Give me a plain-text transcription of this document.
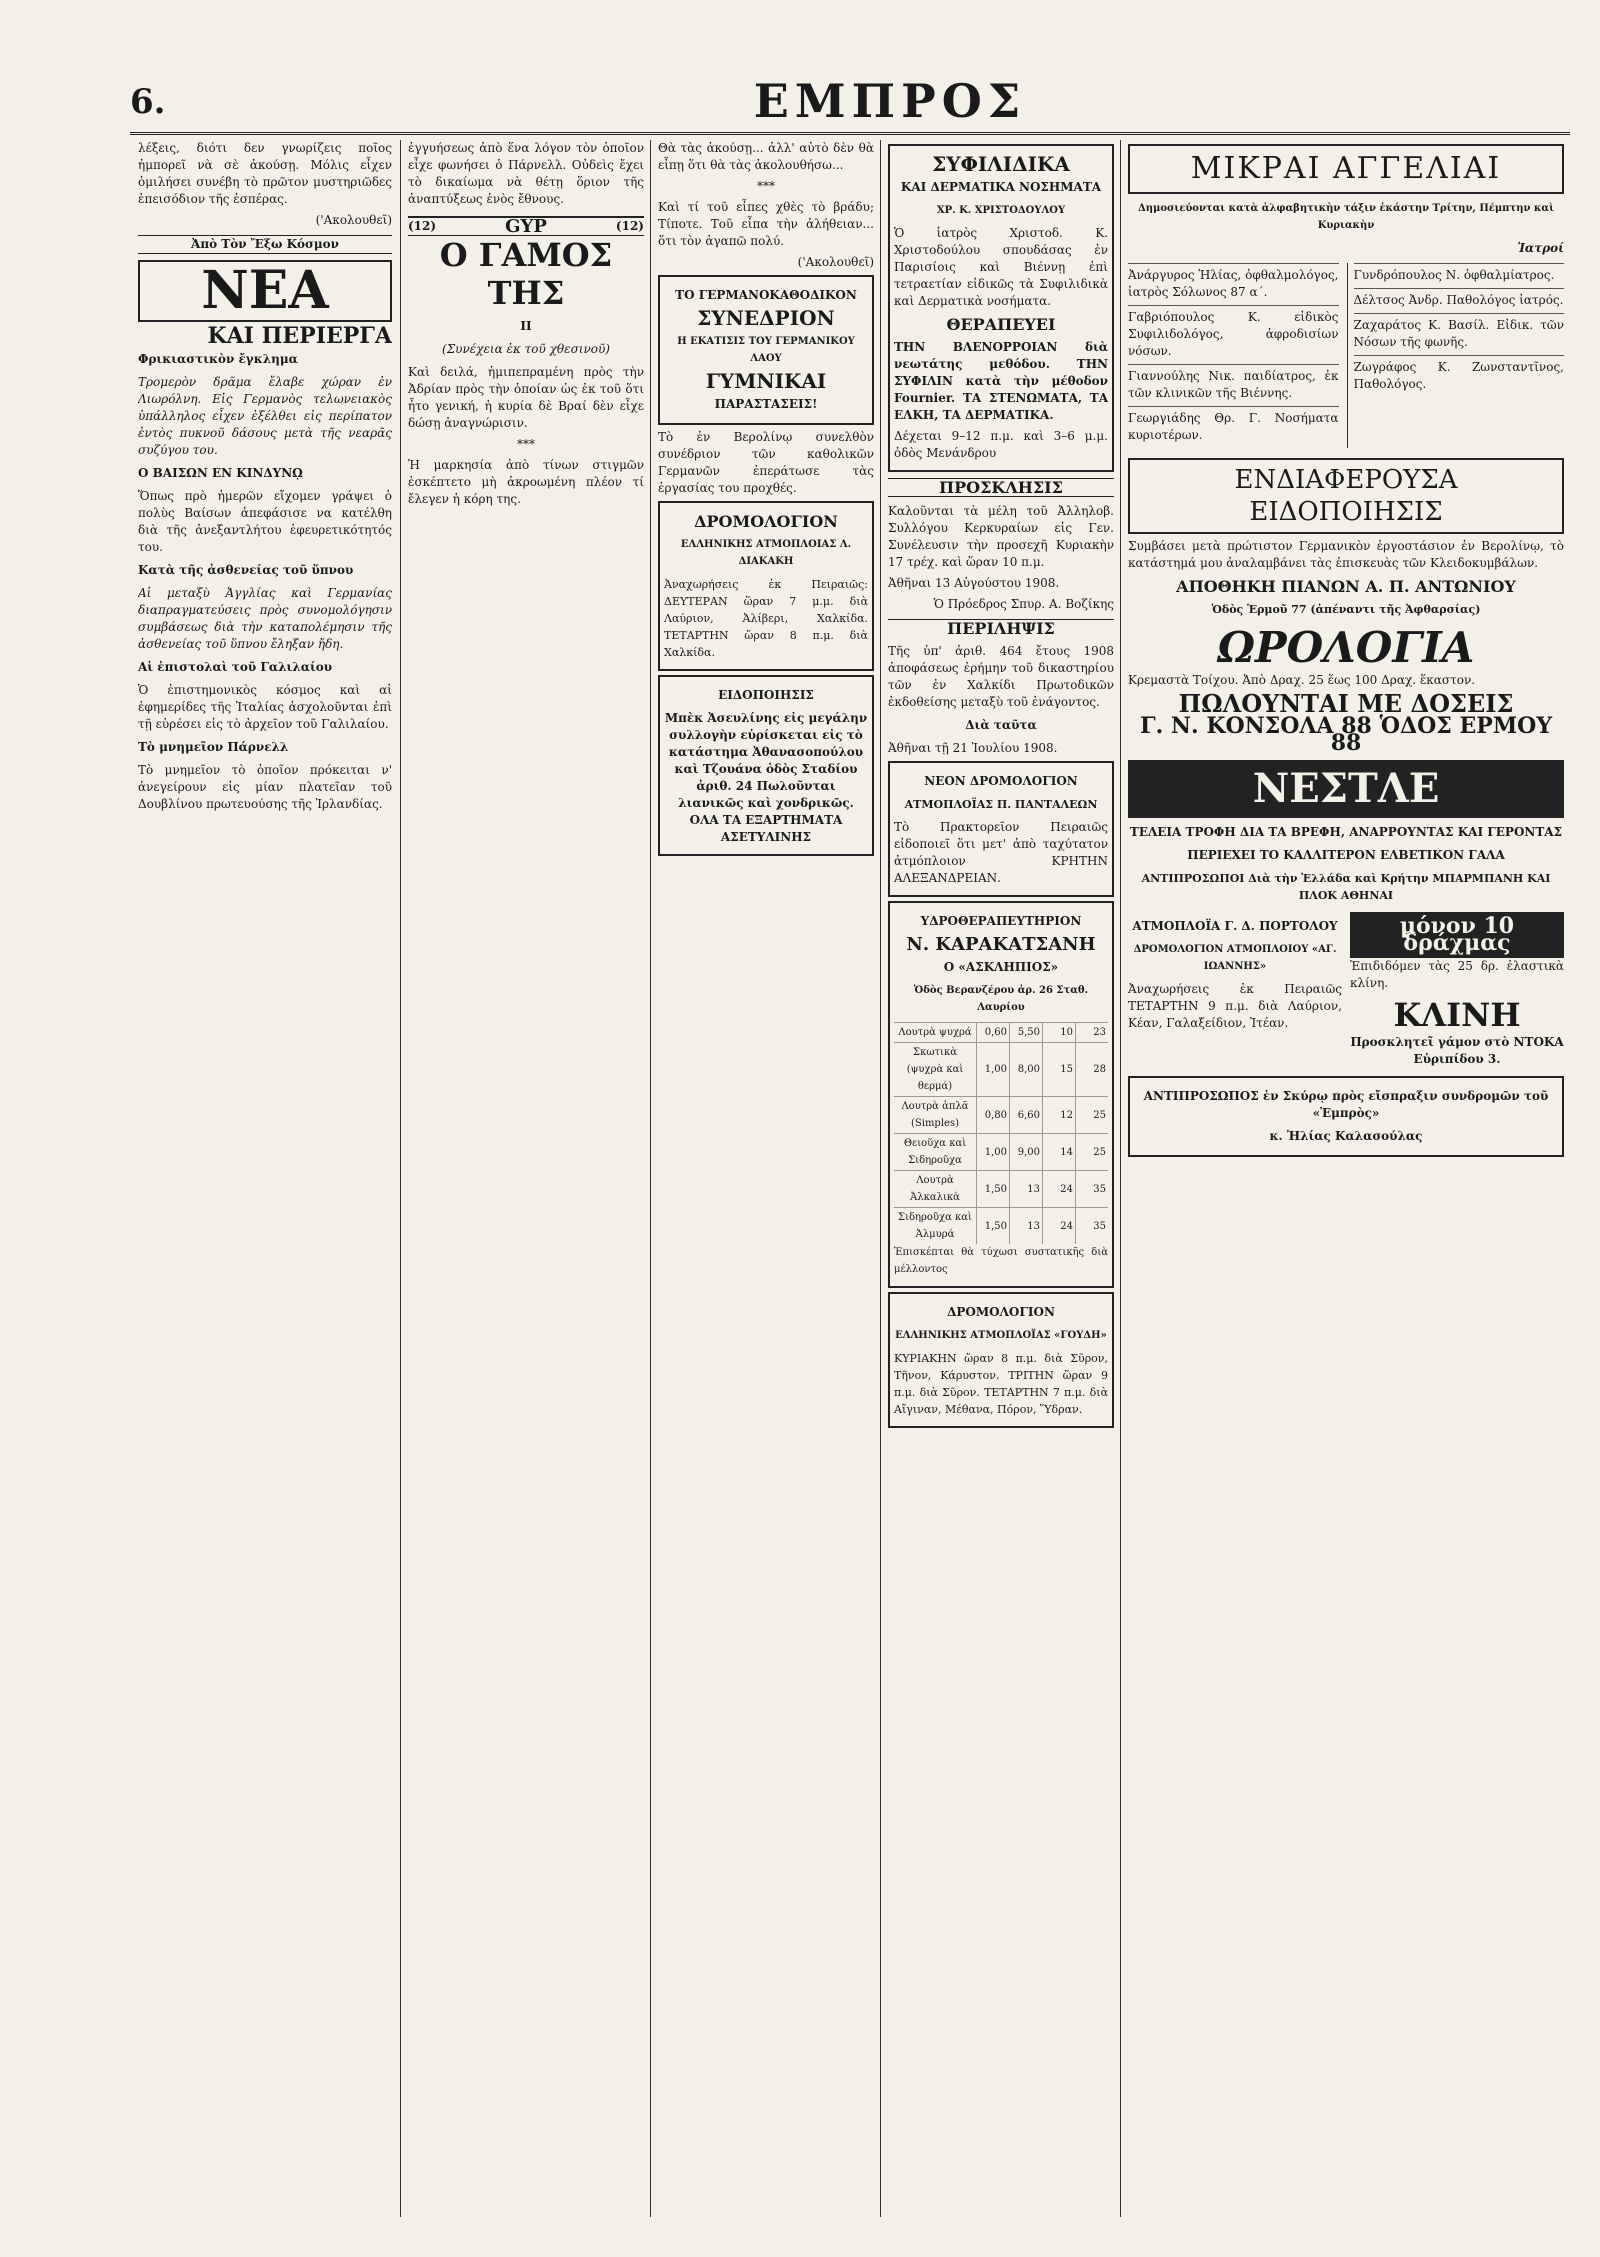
6.	ΕΜΠΡΟΣ

λέξεις, διότι δεν γνωρίζεις ποῖος ἠμπορεῖ νὰ σὲ ἀκούσῃ. Μόλις εἶχεν ὁμιλήσει συνέβη τὸ πρῶτον μυστηριῶδες ἐπεισόδιον τῆς ἑσπέρας.

('Ακολουθεῖ)

Ἀπὸ Τὸν Ἔξω Κόσμον
ΝΕΑ
ΚΑΙ ΠΕΡΙΕΡΓΑ
Φρικιαστικὸν ἔγκλημα

Τρομερὸν δρᾶμα ἔλαβε χώραν ἐν Λιωρόλνη. Εἰς Γερμανὸς τελωνειακὸς ὑπάλληλος εἶχεν ἐξέλθει εἰς περίπατον ἐντὸς πυκνοῦ δάσους μετὰ τῆς νεαρᾶς συζύγου του.

Ο ΒΑΙΣΩΝ ΕΝ ΚΙΝΔΥΝῼ

Ὅπως πρὸ ἡμερῶν εἴχομεν γράψει ὁ πολὺς Βαίσων ἀπεφάσισε να κατέλθη διὰ τῆς ἀνεξαντλήτου ἐφευρετικότητός του.

Κατὰ τῆς ἀσθενείας τοῦ ὕπνου

Αἱ μεταξὺ Ἀγγλίας καὶ Γερμανίας διαπραγματεύσεις πρὸς συνομολόγησιν συμβάσεως διὰ τὴν καταπολέμησιν τῆς ἀσθενείας τοῦ ὕπνου ἔληξαν ἤδη.

Αἱ ἐπιστολαὶ τοῦ Γαλιλαίου

Ὁ ἐπιστημονικὸς κόσμος καὶ αἱ ἐφημερίδες τῆς Ἰταλίας ἀσχολοῦνται ἐπὶ τῇ εὑρέσει εἰς τὸ ἀρχεῖον τοῦ Γαλιλαίου.

Τὸ μνημεῖον Πάρνελλ

Τὸ μνημεῖον τὸ ὁποῖον πρόκειται ν' ἀνεγείρουν εἰς μίαν πλατεῖαν τοῦ Δουβλίνου πρωτευούσης τῆς Ἰρλανδίας.

ἐγγυήσεως ἀπὸ ἕνα λόγον τὸν ὁποῖον εἶχε φωνήσει ὁ Πάρνελλ. Οὐδεὶς ἔχει τὸ δικαίωμα νὰ θέτῃ ὅριον τῆς ἀναπτύξεως ἑνὸς ἔθνους.

(12)	GYP	(12)
Ο ΓΑΜΟΣ ΤΗΣ
II
(Συνέχεια ἐκ τοῦ χθεσινοῦ)

Καὶ δειλά, ἡμιπεπραμένη πρὸς τὴν Ἀδρίαν πρὸς τὴν ὁποίαν ὡς ἐκ τοῦ ὅτι ἦτο γενική, ἡ κυρία δὲ Βραί δὲν εἶχε δώσῃ ἀναγνώρισιν.

***

Ἡ μαρκησία ἀπὸ τίνων στιγμῶν ἐσκέπτετο μὴ ἀκροωμένη πλέον τί ἔλεγεν ἡ κόρη της.

Θὰ τὰς ἀκούσῃ... ἀλλ' αὐτὸ δὲν θὰ εἶπῃ ὅτι θὰ τὰς ἀκολουθήσω...

***

Καὶ τί τοῦ εἶπες χθὲς τὸ βράδυ; Τίποτε. Τοῦ εἶπα τὴν ἀλήθειαν... ὅτι τὸν ἀγαπῶ πολύ.

('Ακολουθεῖ)

ΤΟ ΓΕΡΜΑΝΟΚΑΘΟΔΙΚΟΝ
ΣΥΝΕΔΡΙΟΝ
Η ΕΚΑΤΙΣΙΣ ΤΟΥ ΓΕΡΜΑΝΙΚΟΥ ΛΑΟΥ
ΓΥΜΝΙΚΑΙ
ΠΑΡΑΣΤΑΣΕΙΣ!

Τὸ ἐν Βερολίνῳ συνελθὸν συνέδριον τῶν καθολικῶν Γερμανῶν ἐπεράτωσε τὰς ἐργασίας του προχθές.

ΔΡΟΜΟΛΟΓΙΟΝ
ΕΛΛΗΝΙΚΗΣ ΑΤΜΟΠΛΟΙΑΣ Λ. ΔΙΑΚΑΚΗ

Ἀναχωρήσεις ἐκ Πειραιῶς: ΔΕΥΤΕΡΑΝ ὥραν 7 μ.μ. διὰ Λαύριον, Ἀλίβερι, Χαλκίδα. ΤΕΤΑΡΤΗΝ ὥραν 8 π.μ. διὰ Χαλκίδα.

ΕΙΔΟΠΟΙΗΣΙΣ

Μπὲκ Ἀσευλίνης εἰς μεγάλην συλλογὴν εὑρίσκεται εἰς τὸ κατάστημα Ἀθανασοπούλου καὶ Τζουάνα ὁδὸς Σταδίου ἀριθ. 24 Πωλοῦνται λιανικῶς καὶ χονδρικῶς. ΟΛΑ ΤΑ ΕΞΑΡΤΗΜΑΤΑ ΑΣΕΤΥΛΙΝΗΣ

ΣΥΦΙΛΙΔΙΚΑ
ΚΑΙ ΔΕΡΜΑΤΙΚΑ ΝΟΣΗΜΑΤΑ
ΧΡ. Κ. ΧΡΙΣΤΟΔΟΥΛΟΥ

Ὁ ἰατρὸς Χριστοδ. Κ. Χριστοδούλου σπουδάσας ἐν Παρισίοις καὶ Βιέννῃ ἐπὶ τετραετίαν εἰδικῶς τὰ Συφιλιδικὰ καὶ Δερματικὰ νοσήματα.

ΘΕΡΑΠΕΥΕΙ

ΤΗΝ ΒΛΕΝΟΡΡΟΙΑΝ διὰ νεωτάτης μεθόδου. ΤΗΝ ΣΥΦΙΛΙΝ κατὰ τὴν μέθοδον Fournier. ΤΑ ΣΤΕΝΩΜΑΤΑ, ΤΑ ΕΛΚΗ, ΤΑ ΔΕΡΜΑΤΙΚΑ.

Δέχεται 9–12 π.μ. καὶ 3–6 μ.μ. ὁδὸς Μενάνδρου

ΠΡΟΣΚΛΗΣΙΣ

Καλοῦνται τὰ μέλη τοῦ Ἀλληλοβ. Συλλόγου Κερκυραίων εἰς Γεν. Συνέλευσιν τὴν προσεχῆ Κυριακὴν 17 τρέχ. καὶ ὥραν 10 π.μ.

Ἀθῆναι 13 Αὐγούστου 1908.

Ὁ Πρόεδρος Σπυρ. Α. Βοζίκης

ΠΕΡΙΛΗΨΙΣ

Τῆς ὑπ' ἀριθ. 464 ἔτους 1908 ἀποφάσεως ἐρήμην τοῦ δικαστηρίου τῶν ἐν Χαλκίδι Πρωτοδικῶν ἐκδοθείσης μεταξὺ τοῦ ἐνάγοντος.

Διὰ ταῦτα

Ἀθῆναι τῇ 21 Ἰουλίου 1908.

ΝΕΟΝ ΔΡΟΜΟΛΟΓΙΟΝ
ΑΤΜΟΠΛΟΪΑΣ Π. ΠΑΝΤΑΛΕΩΝ

Τὸ Πρακτορεῖον Πειραιῶς εἰδοποιεῖ ὅτι μετ' ἀπὸ ταχύτατον ἀτμόπλοιον ΚΡΗΤΗΝ ΑΛΕΞΑΝΔΡΕΙΑΝ.

ΥΔΡΟΘΕΡΑΠΕΥΤΗΡΙΟΝ
Ν. ΚΑΡΑΚΑΤΣΑΝΗ
Ο «ΑΣΚΛΗΠΙΟΣ»
Ὁδὸς Βερανζέρου ἀρ. 26 Σταθ. Λαυρίου
Λουτρὰ ψυχρά	0,60	5,50	10	23
Σκωτικὰ (ψυχρὰ καὶ θερμά)	1,00	8,00	15	28
Λουτρὰ ἁπλᾶ (Simples)	0,80	6,60	12	25
Θειοῦχα καὶ Σιδηροῦχα	1,00	9,00	14	25
Λουτρὰ Ἀλκαλικὰ	1,50	13	24	35
Σιδηροῦχα καὶ Ἀλμυρά	1,50	13	24	35

Ἐπισκέπται θὰ τύχωσι συστατικῆς διὰ μέλλοντος

ΔΡΟΜΟΛΟΓΙΟΝ
ΕΛΛΗΝΙΚΗΣ ΑΤΜΟΠΛΟΪΑΣ «ΓΟΥΔΗ»

ΚΥΡΙΑΚΗΝ ὥραν 8 π.μ. διὰ Σῦρον, Τῆνον, Κάρυστον. ΤΡΙΤΗΝ ὥραν 9 π.μ. διὰ Σῦρον. ΤΕΤΑΡΤΗΝ 7 π.μ. διὰ Αἴγιναν, Μέθανα, Πόρον, Ὕδραν.

ΜΙΚΡΑΙ ΑΓΓΕΛΙΑΙ
Δημοσιεύονται κατὰ ἀλφαβητικὴν τάξιν ἑκάστην Τρίτην, Πέμπτην καὶ Κυριακὴν
Ἰατροί

Ἀνάργυρος Ἠλίας, ὀφθαλμολόγος, ἰατρὸς Σόλωνος 87 α΄.

Γαβριόπουλος Κ. εἰδικὸς Συφιλιδολόγος, ἀφροδισίων νόσων.

Γιαννούλης Νικ. παιδίατρος, ἐκ τῶν κλινικῶν τῆς Βιέννης.

Γεωργιάδης Θρ. Γ. Νοσήματα κυριοτέρων.

Γυνδρόπουλος Ν. ὀφθαλμίατρος.

Δέλτσος Ἀνδρ. Παθολόγος ἰατρός.

Ζαχαράτος Κ. Βασίλ. Εἰδικ. τῶν Νόσων τῆς φωνῆς.

Ζωγράφος Κ. Ζωνσταντῖνος, Παθολόγος.

ΕΝΔΙΑΦΕΡΟΥΣΑ ΕΙΔΟΠΟΙΗΣΙΣ

Συμβάσει μετὰ πρώτιστον Γερμανικὸν ἐργοστάσιον ἐν Βερολίνῳ, τὸ κατάστημά μου ἀναλαμβάνει τὰς ἐπισκευὰς τῶν Κλειδοκυμβάλων.

ΑΠΟΘΗΚΗ ΠΙΑΝΩΝ Α. Π. ΑΝΤΩΝΙΟΥ
Ὁδὸς Ἑρμοῦ 77 (ἀπέναντι τῆς Ἀφθαρσίας)
ΩΡΟΛΟΓΙΑ

Κρεμαστὰ Τοίχου. Ἀπὸ Δραχ. 25 ἕως 100 Δραχ. ἕκαστον.

ΠΩΛΟΥΝΤΑΙ ΜΕ ΔΟΣΕΙΣ
Γ. Ν. ΚΟΝΣΟΛΑ 88 ὉΔΟΣ ΕΡΜΟΥ 88
ΝΕΣΤΛΕ
ΤΕΛΕΙΑ ΤΡΟΦΗ ΔΙΑ ΤΑ ΒΡΕΦΗ, ΑΝΑΡΡΟΥΝΤΑΣ ΚΑΙ ΓΕΡΟΝΤΑΣ
ΠΕΡΙΕΧΕΙ ΤΟ ΚΑΛΛΙΤΕΡΟΝ ΕΛΒΕΤΙΚΟΝ ΓΑΛΑ
ΑΝΤΙΠΡΟΣΩΠΟΙ Διὰ τὴν Ἑλλάδα καὶ Κρήτην ΜΠΑΡΜΠΑΝΗ ΚΑΙ ΠΛΟΚ ΑΘΗΝΑΙ
ΑΤΜΟΠΛΟΪΑ Γ. Δ. ΠΟΡΤΟΛΟΥ
ΔΡΟΜΟΛΟΓΙΟΝ ΑΤΜΟΠΛΟΙΟΥ «ΑΓ. ΙΩΑΝΝΗΣ»

Ἀναχωρήσεις ἐκ Πειραιῶς ΤΕΤΑΡΤΗΝ 9 π.μ. διὰ Λαύριον, Κέαν, Γαλαξείδιον, Ἰτέαν.

μόνον 10 δράχμας

Ἐπιδιδόμεν τὰς 25 δρ. ἐλαστικὰ κλίνη.

ΚΛΙΝΗ

Προσκλητεῖ γάμον στὸ ΝΤΟΚΑ Εὐριπίδου 3.

ΑΝΤΙΠΡΟΣΩΠΟΣ ἐν Σκύρῳ πρὸς εἴσπραξιν συνδρομῶν τοῦ «Ἐμπρὸς»
κ. Ἠλίας Καλασούλας
